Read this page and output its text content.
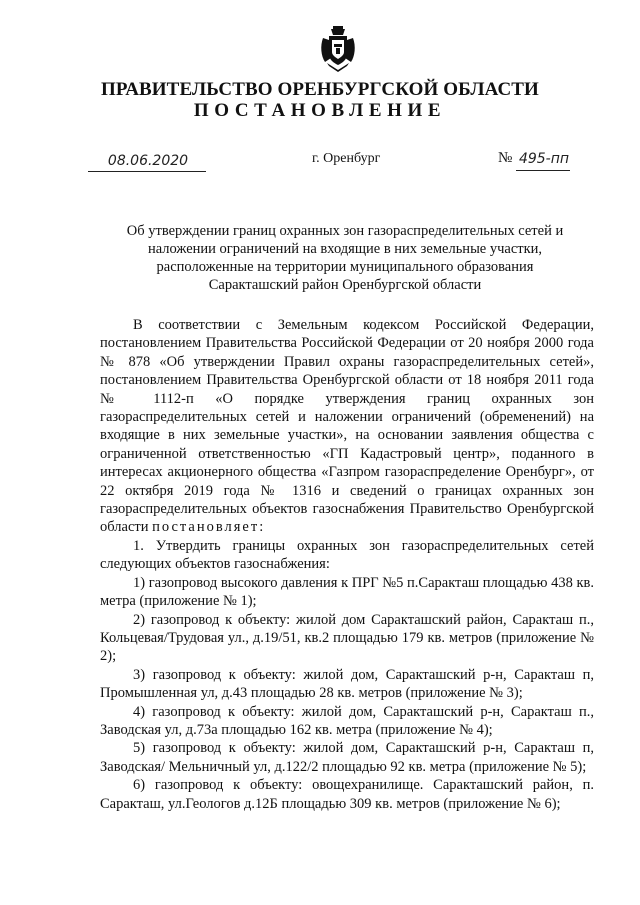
ПРАВИТЕЛЬСТВО ОРЕНБУРГСКОЙ ОБЛАСТИ
ПОСТАНОВЛЕНИЕ
08.06.2020	г. Оренбург	№ 495-пп
Об утверждении границ охранных зон газораспределительных сетей и
наложении ограничений на входящие в них земельные участки,
расположенные на территории муниципального образования
Саракташский район Оренбургской области

В соответствии с Земельным кодексом Российской Федерации, постановлением Правительства Российской Федерации от 20 ноября 2000 года № 878 «Об утверждении Правил охраны газораспределительных сетей», постановлением Правительства Оренбургской области от 18 ноября 2011 года № 1112-п «О порядке утверждения границ охранных зон газораспределительных сетей и наложении ограничений (обременений) на входящие в них земельные участки», на основании заявления общества с ограниченной ответственностью «ГП Кадастровый центр», поданного в интересах акционерного общества «Газпром газораспределение Оренбург», от 22 октября 2019 года № 1316 и сведений о границах охранных зон газораспределительных объектов газоснабжения Правительство Оренбургской области постановляет:

1. Утвердить границы охранных зон газораспределительных сетей следующих объектов газоснабжения:

1) газопровод высокого давления к ПРГ №5 п.Саракташ площадью 438 кв. метра (приложение № 1);

2) газопровод к объекту: жилой дом Саракташский район, Саракташ п., Кольцевая/Трудовая ул., д.19/51, кв.2 площадью 179 кв. метров (приложение № 2);

3) газопровод к объекту: жилой дом, Саракташский р-н, Саракташ п, Промышленная ул, д.43 площадью 28 кв. метров (приложение № 3);

4) газопровод к объекту: жилой дом, Саракташский р-н, Саракташ п., Заводская ул, д.73а площадью 162 кв. метра (приложение № 4);

5) газопровод к объекту: жилой дом, Саракташский р-н, Саракташ п, Заводская/ Мельничный ул, д.122/2 площадью 92 кв. метра (приложение № 5);

6) газопровод к объекту: овощехранилище. Саракташский район, п. Саракташ, ул.Геологов д.12Б площадью 309 кв. метров (приложение № 6);
